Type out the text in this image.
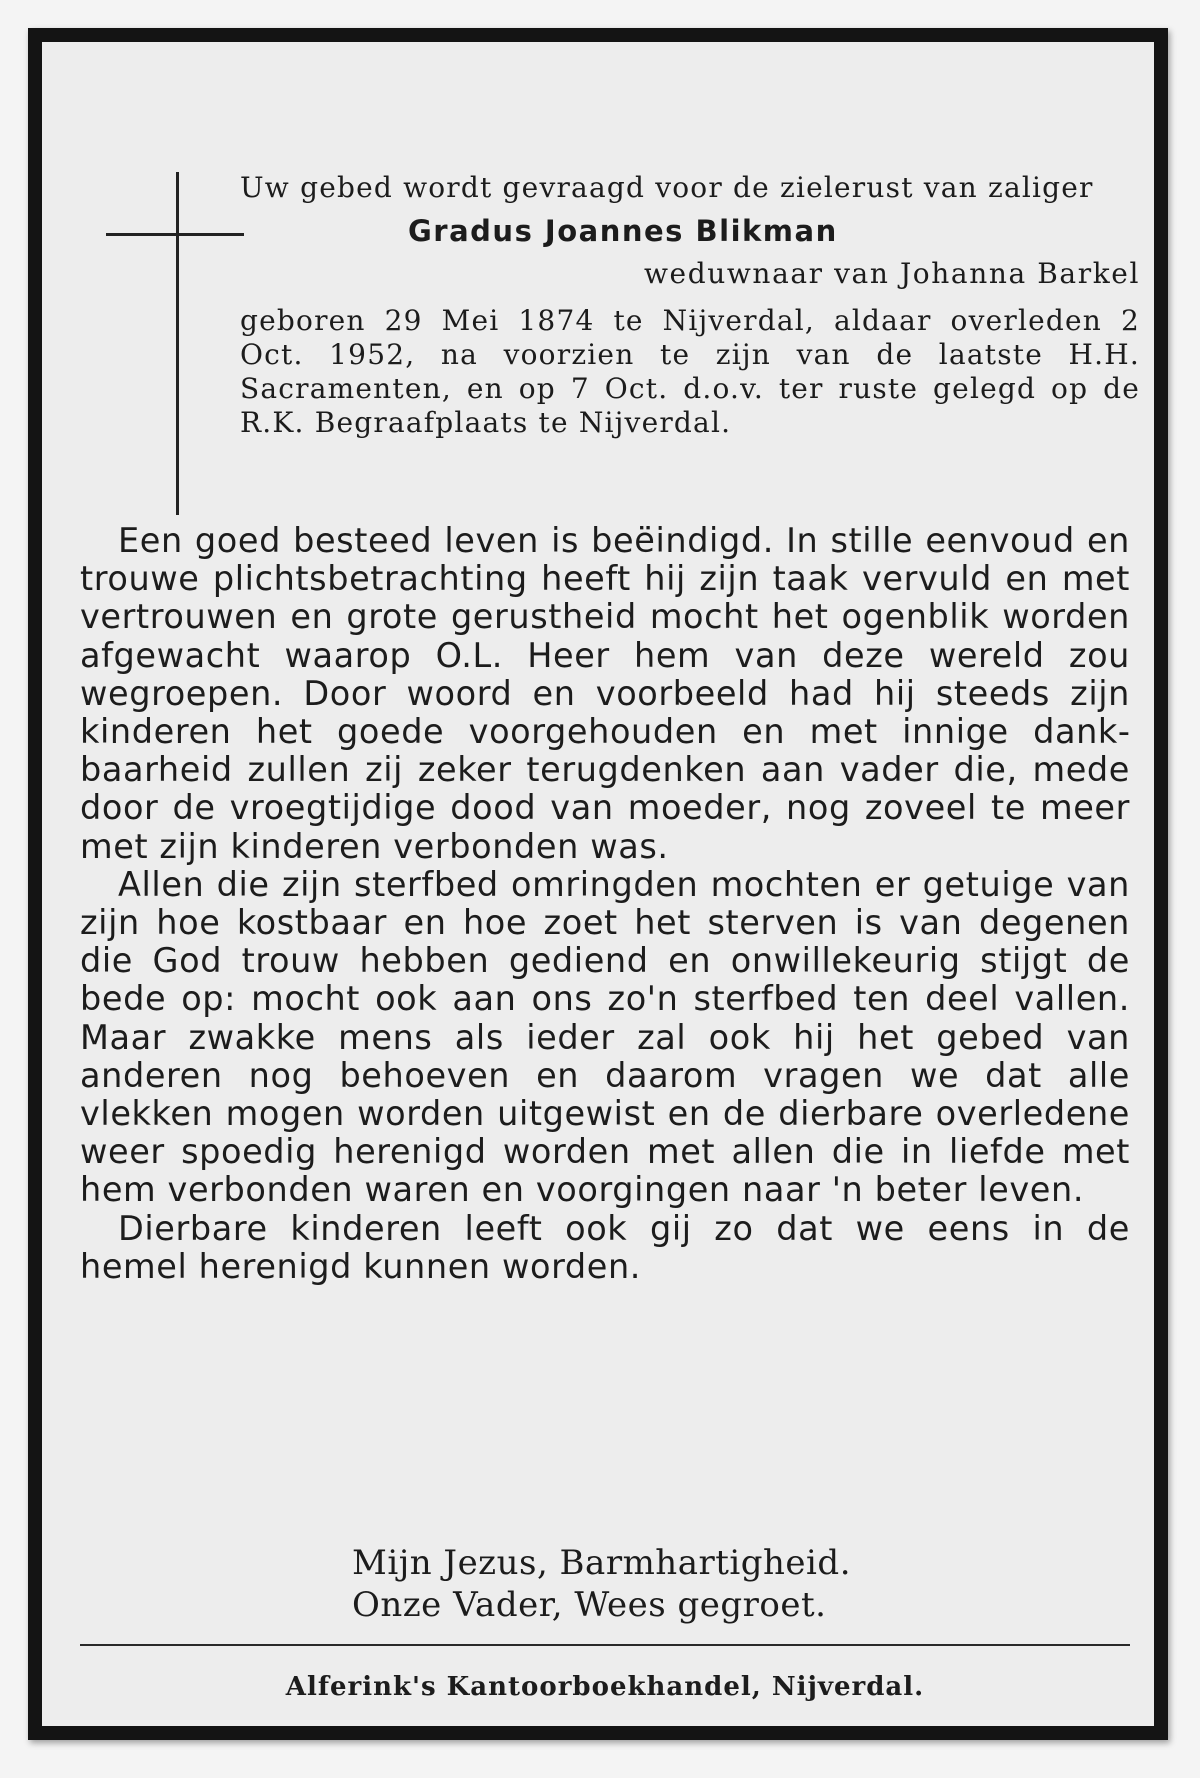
Uw gebed wordt gevraagd voor de zielerust van zaliger

Gradus Joannes Blikman

weduwnaar van Johanna Barkel

geboren 29 Mei 1874 te Nijverdal, aldaar overleden 2 Oct. 1952, na voorzien te zijn van de laatste H.H. Sacramenten, en op 7 Oct. d.o.v. ter ruste gelegd op de R.K. Begraafplaats te Nijverdal.

Een goed besteed leven is beëindigd. In stille eenvoud en trouwe plichtsbetrachting heeft hij zijn taak vervuld en met vertrouwen en grote gerustheid mocht het ogenblik worden afgewacht waarop O.L. Heer hem van deze wereld zou wegroepen. Door woord en voorbeeld had hij steeds zijn kinderen het goede voorgehouden en met innige dankbaarheid zullen zij zeker terugdenken aan vader die, mede door de vroegtijdige dood van moeder, nog zoveel te meer met zijn kinderen verbonden was.

Allen die zijn sterfbed omringden mochten er getuige van zijn hoe kostbaar en hoe zoet het sterven is van degenen die God trouw hebben gediend en onwillekeurig stijgt de bede op: mocht ook aan ons zo'n sterfbed ten deel vallen. Maar zwakke mens als ieder zal ook hij het gebed van anderen nog behoeven en daarom vragen we dat alle vlekken mogen worden uitgewist en de dierbare overledene weer spoedig herenigd worden met allen die in liefde met hem verbonden waren en voorgingen naar 'n beter leven.

Dierbare kinderen leeft ook gij zo dat we eens in de hemel herenigd kunnen worden.

Mijn Jezus, Barmhartigheid.
Onze Vader, Wees gegroet.
Alferink's Kantoorboekhandel, Nijverdal.
